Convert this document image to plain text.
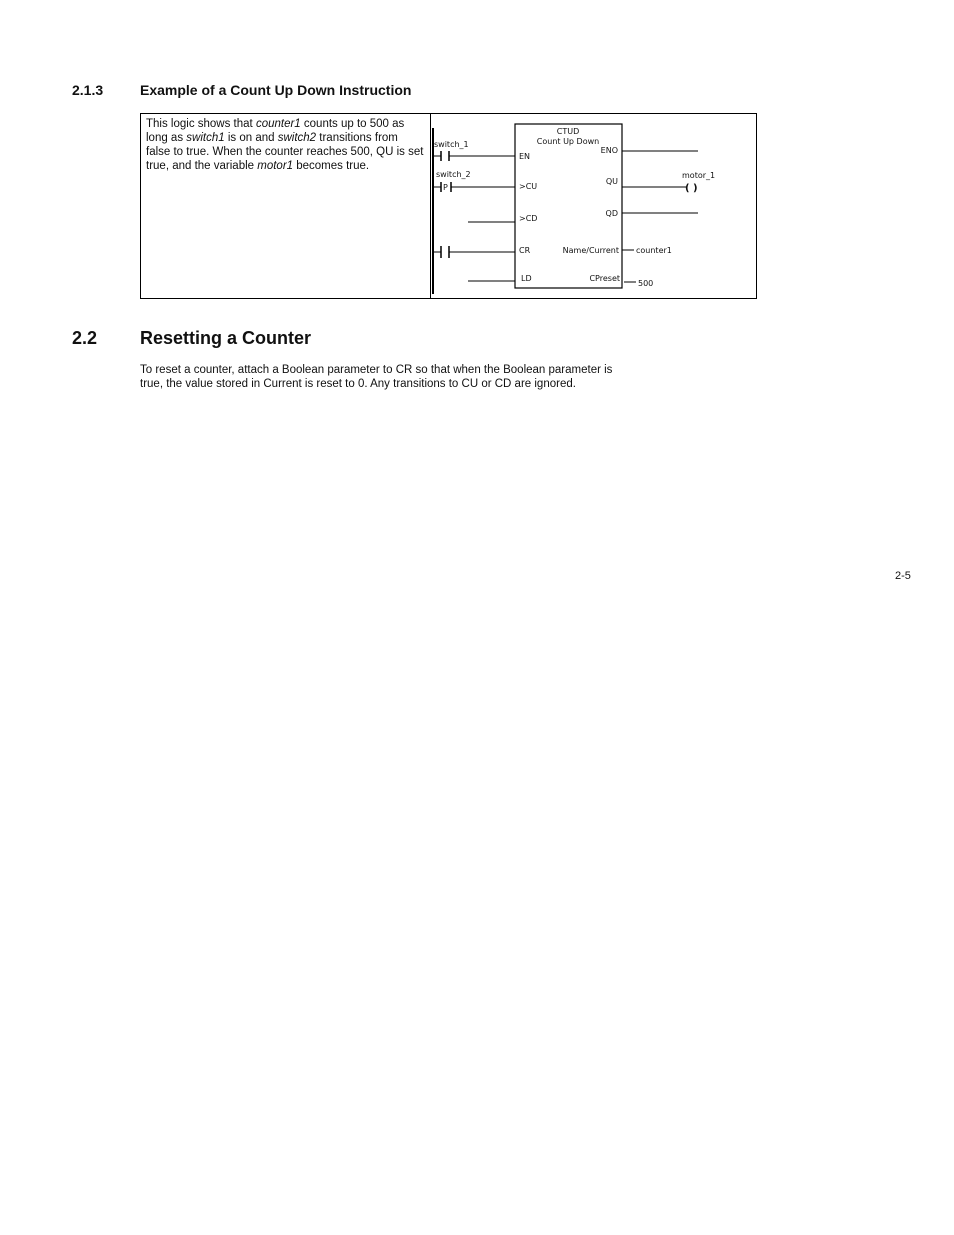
2.1.3	Example of a Count Up Down Instruction
This logic shows that counter1 counts up to 500 as long as switch1 is on and switch2 transitions from false to true. When the counter reaches 500, QU is set true, and the variable motor1 becomes true.
CTUD
Count Up Down
EN
>CU
>CD
CR
LD
ENO
QU
QD
Name/Current
CPreset
switch_1
switch_2
P
motor_1
( )
counter1
500
2.2 Resetting a Counter
To reset a counter, attach a Boolean parameter to CR so that when the Boolean parameter is true, the value stored in Current is reset to 0. Any transitions to CU or CD are ignored.
2-5
